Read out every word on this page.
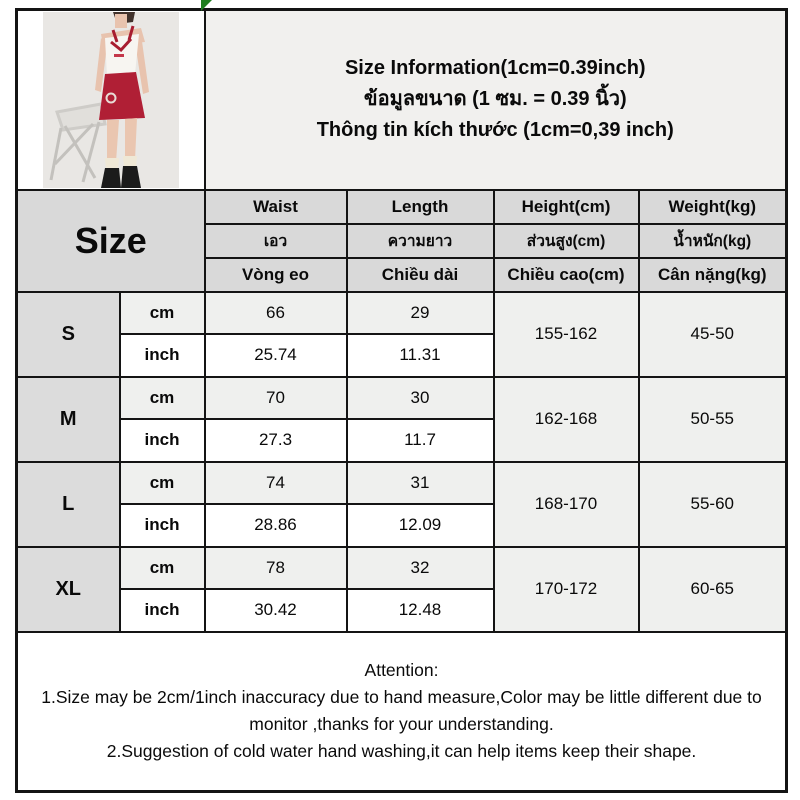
Size Information(1cm=0.39inch)
ข้อมูลขนาด (1 ซม. = 0.39 นิ้ว)
Thông tin kích thước (1cm=0,39 inch)			

Size		Waist	Length	Height(cm)	Weight(kg)
		เอว	ความยาว	ส่วนสูง(cm)	น้ำหนัก(kg)
		Vòng eo	Chiều dài	Chiều cao(cm)	Cân nặng(kg)
S	cm	66	29	155-162	45-50
	inch	25.74	11.31		
M	cm	70	30	162-168	50-55
	inch	27.3	11.7		
L	cm	74	31	168-170	55-60
	inch	28.86	12.09		
XL	cm	78	32	170-172	60-65
	inch	30.42	12.48		

Attention:
1.Size may be 2cm/1inch inaccuracy due to hand measure,Color may be little different due to monitor ,thanks for your understanding.
2.Suggestion of cold water hand washing,it can help items keep their shape.					
